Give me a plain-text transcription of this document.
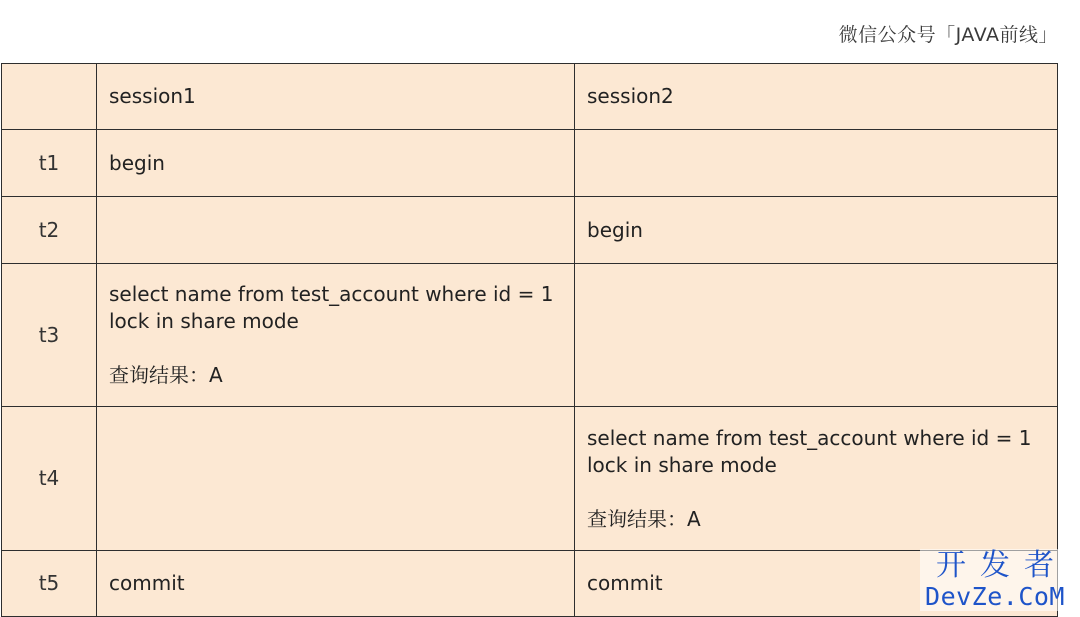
微信公众号「JAVA前线」
	session1	session2
t1	begin	

t2		begin

t3	select name from test_account where id = 1
lock in share mode
查询结果：A	

t4		select name from test_account where id = 1
lock in share mode
查询结果：A

t5	commit	commit	开发者
DevZe.CoM
